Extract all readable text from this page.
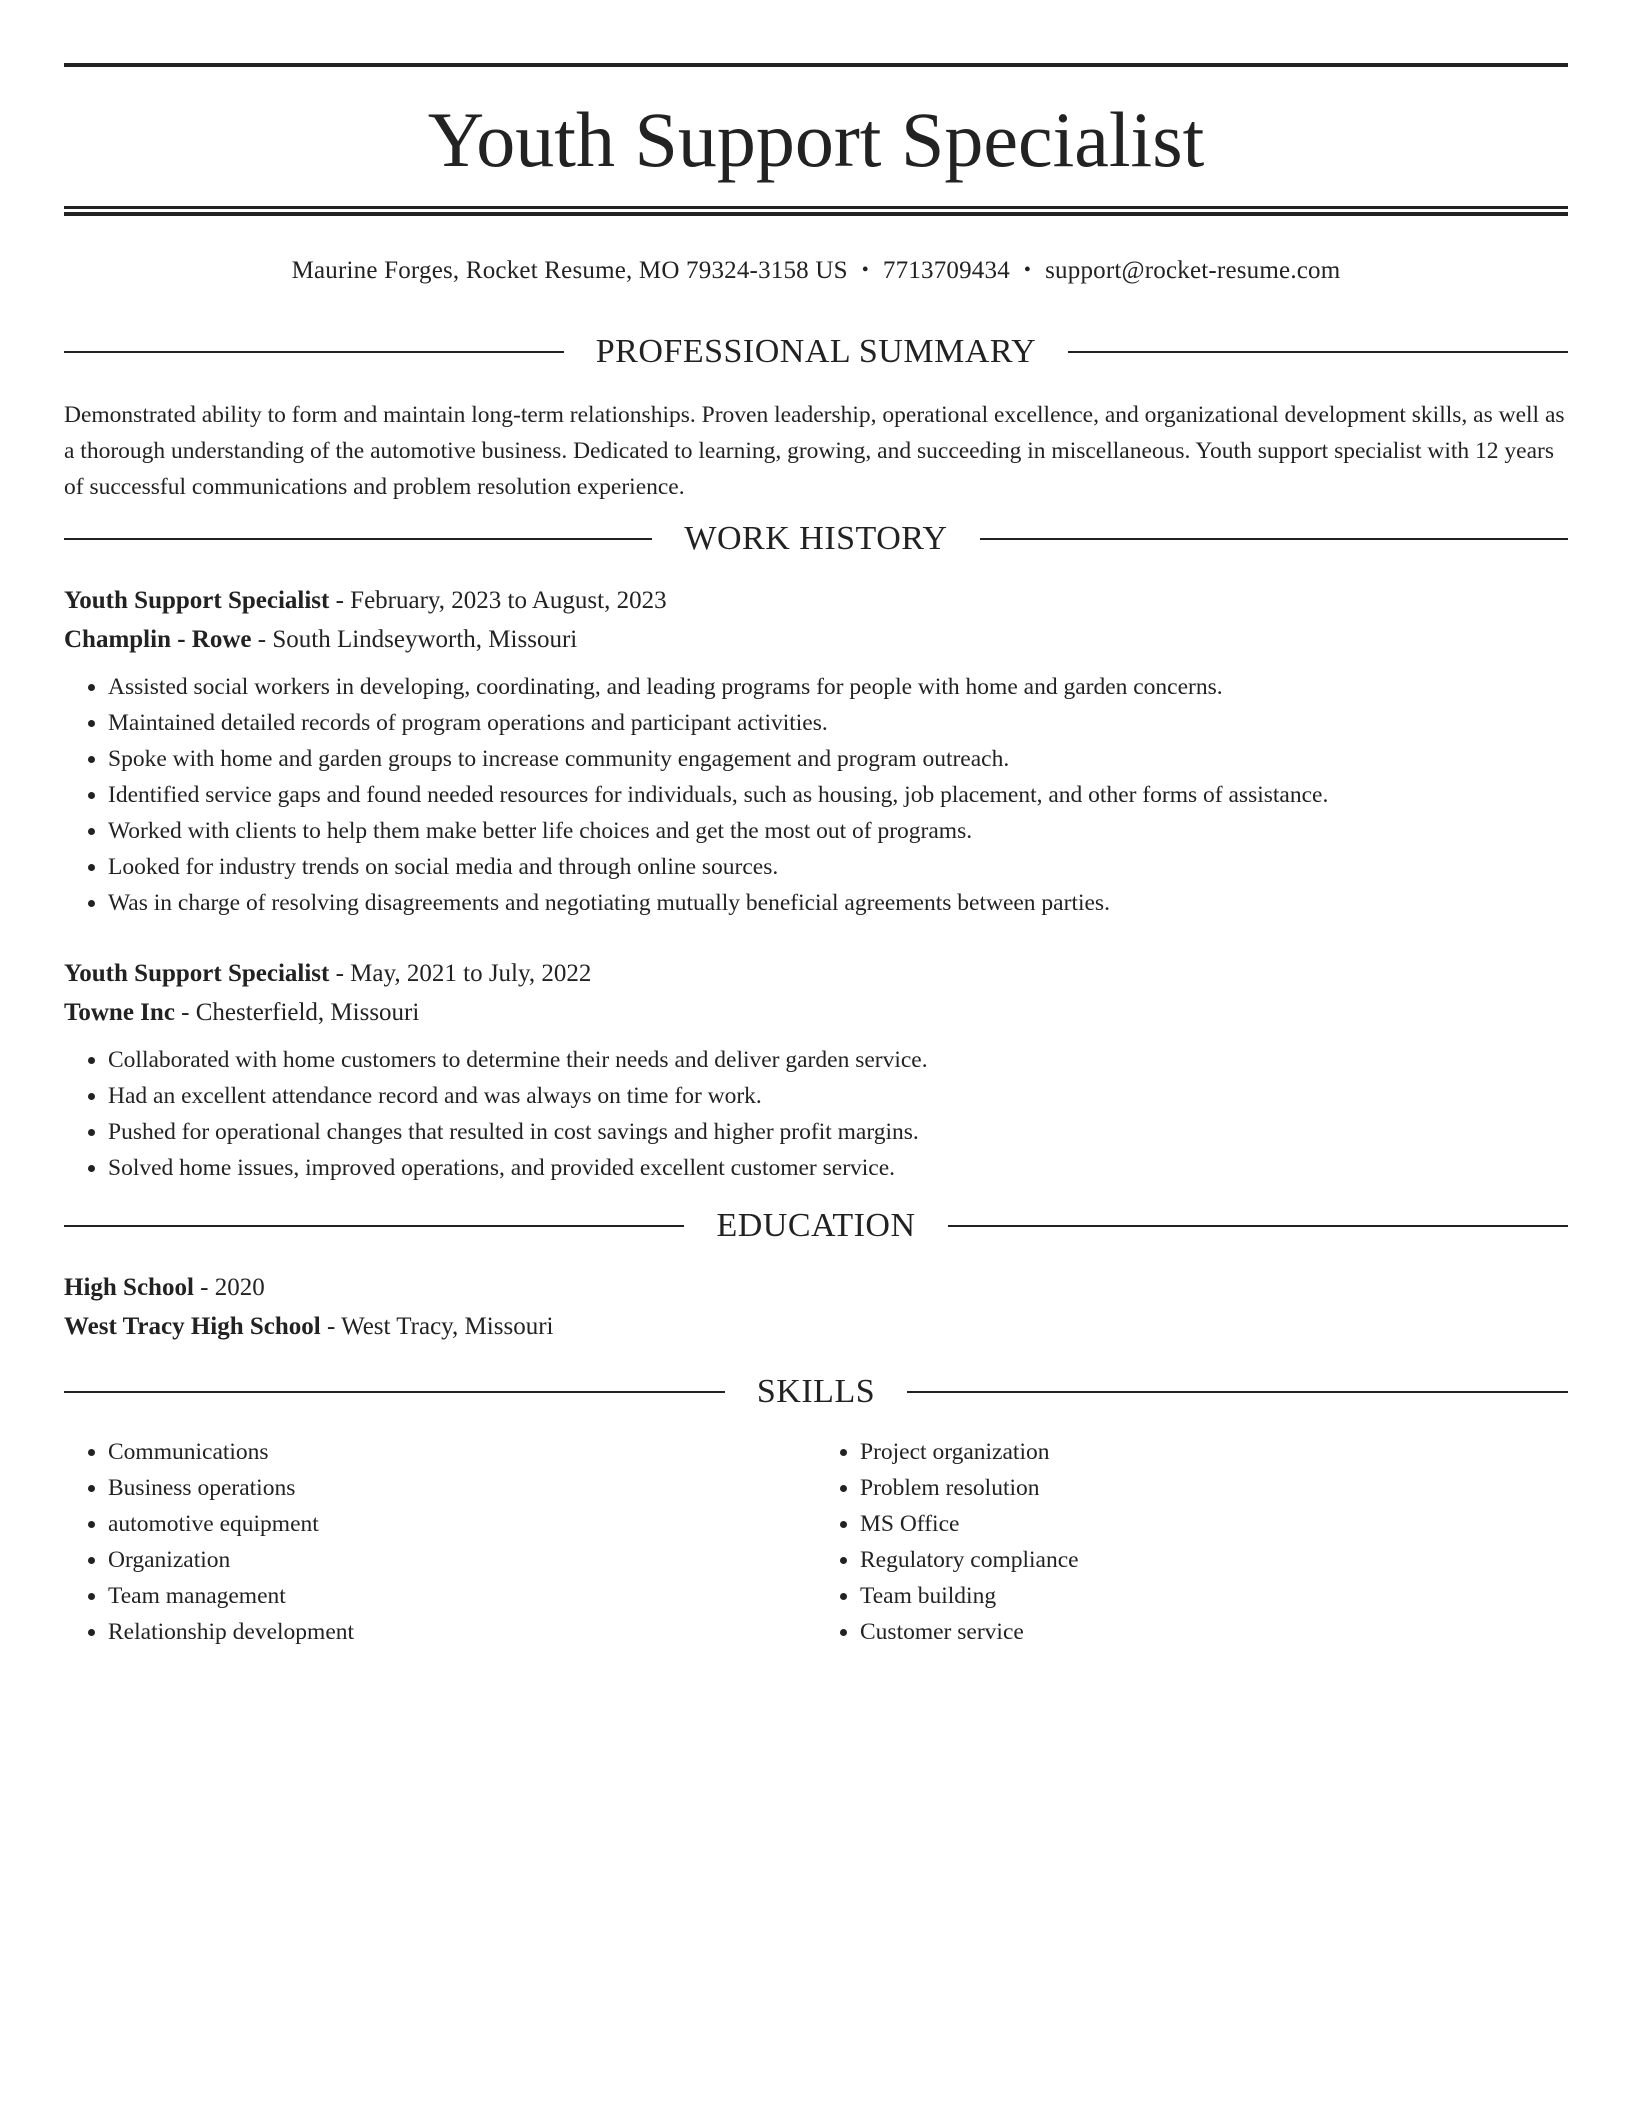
Youth Support Specialist
Maurine Forges, Rocket Resume, MO 79324-3158 US • 7713709434 • support@rocket-resume.com
PROFESSIONAL SUMMARY

Demonstrated ability to form and maintain long-term relationships. Proven leadership, operational excellence, and organizational development skills, as well as a thorough understanding of the automotive business. Dedicated to learning, growing, and succeeding in miscellaneous. Youth support specialist with 12 years of successful communications and problem resolution experience.

WORK HISTORY
Youth Support Specialist - February, 2023 to August, 2023
Champlin - Rowe - South Lindseyworth, Missouri
• Assisted social workers in developing, coordinating, and leading programs for people with home and garden concerns.
• Maintained detailed records of program operations and participant activities.
• Spoke with home and garden groups to increase community engagement and program outreach.
• Identified service gaps and found needed resources for individuals, such as housing, job placement, and other forms of assistance.
• Worked with clients to help them make better life choices and get the most out of programs.
• Looked for industry trends on social media and through online sources.
• Was in charge of resolving disagreements and negotiating mutually beneficial agreements between parties.
Youth Support Specialist - May, 2021 to July, 2022
Towne Inc - Chesterfield, Missouri
• Collaborated with home customers to determine their needs and deliver garden service.
• Had an excellent attendance record and was always on time for work.
• Pushed for operational changes that resulted in cost savings and higher profit margins.
• Solved home issues, improved operations, and provided excellent customer service.
EDUCATION
High School - 2020
West Tracy High School - West Tracy, Missouri
SKILLS
• Communications
• Business operations
• automotive equipment
• Organization
• Team management
• Relationship development
• Project organization
• Problem resolution
• MS Office
• Regulatory compliance
• Team building
• Customer service
